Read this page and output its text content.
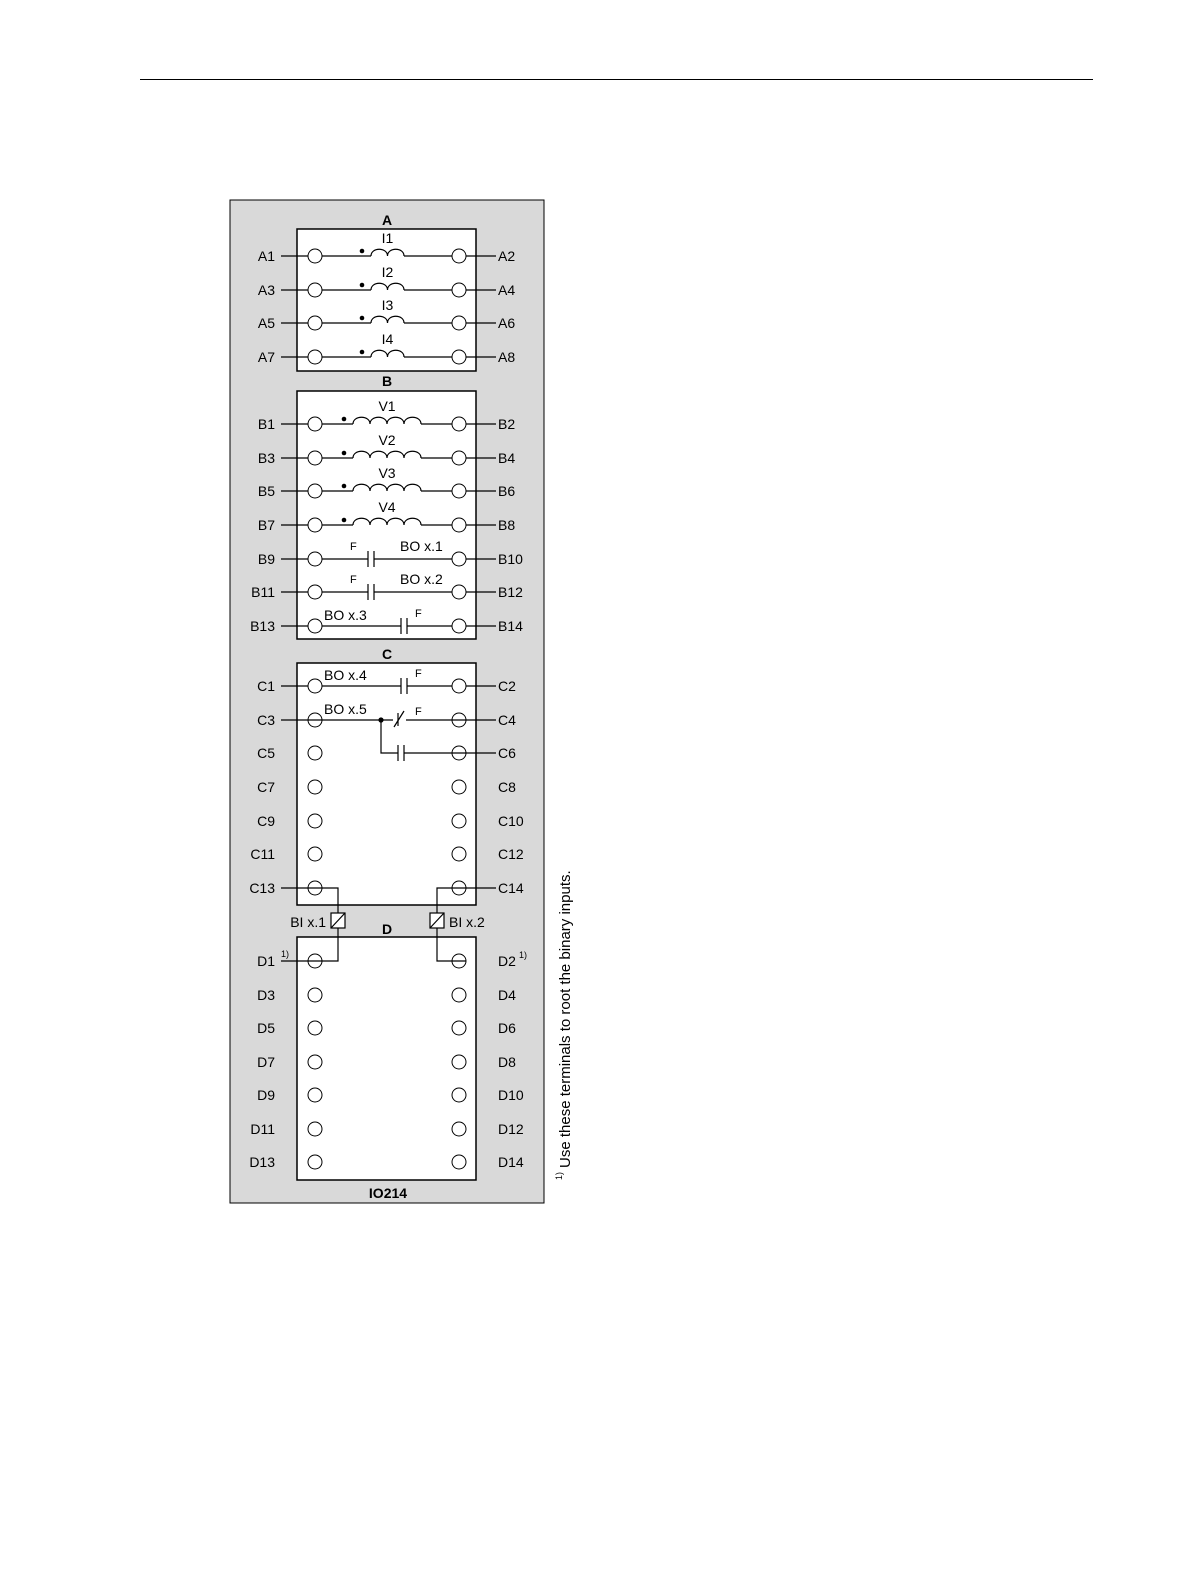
A
B
C
D
IO214
A1	A2
I1
A3	A4
I2
A5	A6
I3
A7	A8
I4
B1	B2
V1
B3	B4
V2
B5	B6
V3
B7	B8
V4
B9	B10
F	BO x.1
B11	B12
F	BO x.2
B13	B14
F
BO x.3
C1	C2
F
BO x.4
C3	C4
C5	C6
C7	C8
C9	C10
C11	C12
C13	C14
D1	D2
D3	D4
D5	D6
D7	D8
D9	D10
D11	D12
D13	D14
BO x.5	F
BI x.1	BI x.2
1)	1)
1)
Use these terminals to root the binary inputs.
